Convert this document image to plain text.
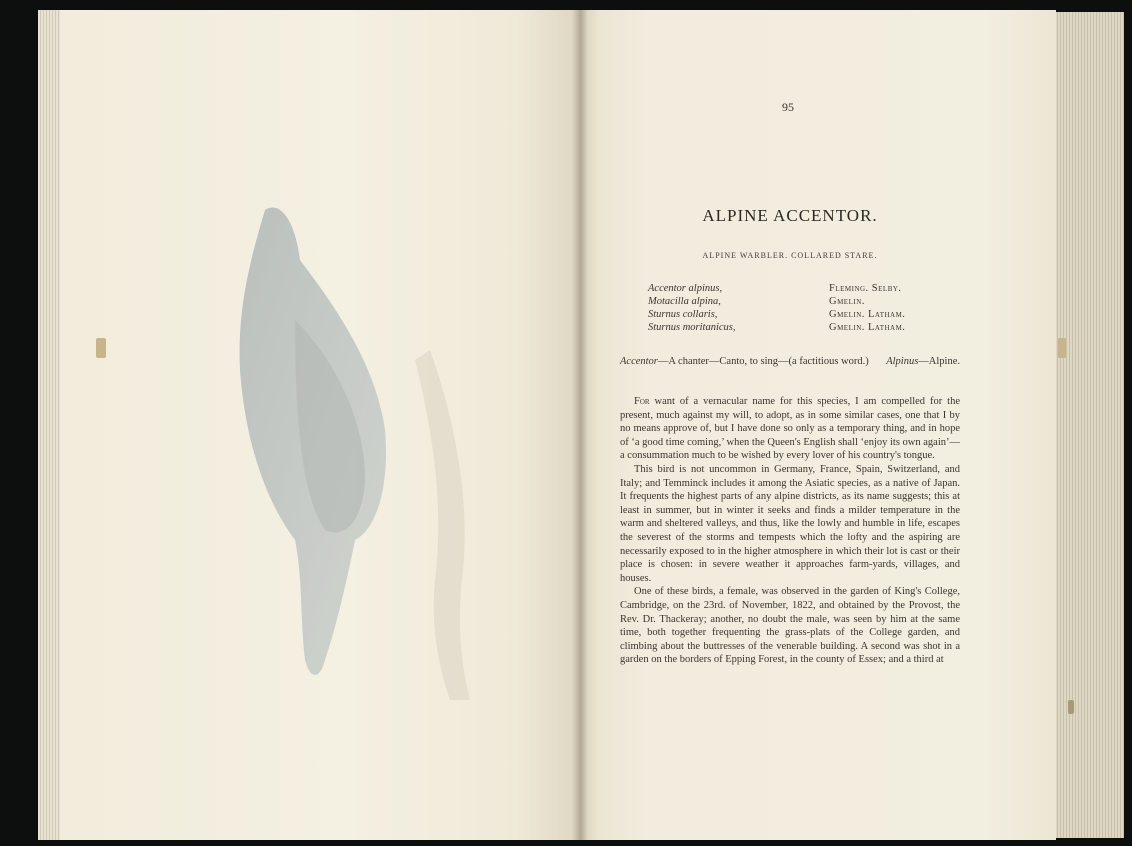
95
ALPINE ACCENTOR.
ALPINE WARBLER. COLLARED STARE.
Accentor alpinus,	Fleming. Selby.
Motacilla alpina,	Gmelin.
Sturnus collaris,	Gmelin. Latham.
Sturnus moritanicus,	Gmelin. Latham.
Accentor—A chanter—Canto, to sing—(a factitious word.) Alpinus—Alpine.

For want of a vernacular name for this species, I am compelled for the present, much against my will, to adopt, as in some similar cases, one that I by no means approve of, but I have done so only as a temporary thing, and in hope of ‘a good time coming,’ when the Queen's English shall ‘enjoy its own again’—a consummation much to be wished by every lover of his country's tongue.

This bird is not uncommon in Germany, France, Spain, Switzerland, and Italy; and Temminck includes it among the Asiatic species, as a native of Japan. It frequents the highest parts of any alpine districts, as its name suggests; this at least in summer, but in winter it seeks and finds a milder temperature in the warm and sheltered valleys, and thus, like the lowly and humble in life, escapes the severest of the storms and tempests which the lofty and the aspiring are necessarily exposed to in the higher atmosphere in which their lot is cast or their place is chosen: in severe weather it approaches farm-yards, villages, and houses.

One of these birds, a female, was observed in the garden of King's College, Cambridge, on the 23rd. of November, 1822, and obtained by the Provost, the Rev. Dr. Thackeray; another, no doubt the male, was seen by him at the same time, both together frequenting the grass-plats of the College garden, and climbing about the buttresses of the venerable building. A second was shot in a garden on the borders of Epping Forest, in the county of Essex; and a third at
